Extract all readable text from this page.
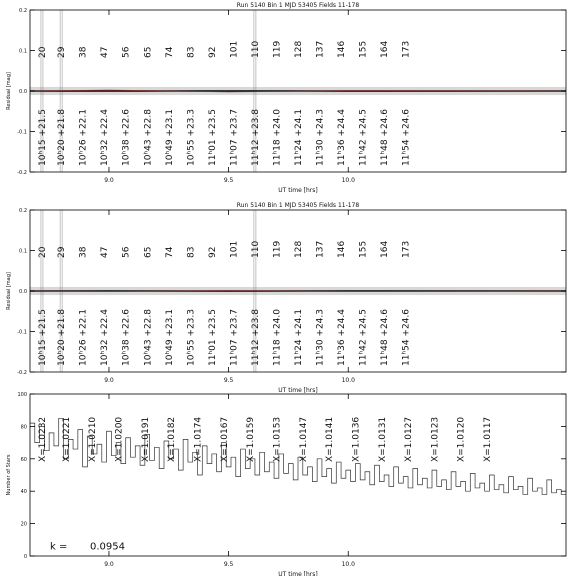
Run 5140 Bin 1 MJD 53405 Fields 11-178
20
10ʰ15 +21.5
29
10ʰ20 +21.8
38
10ʰ26 +22.1
47
10ʰ32 +22.4
56
10ʰ38 +22.6
65
10ʰ43 +22.8
74
10ʰ49 +23.1
83
10ʰ55 +23.3
92
11ʰ01 +23.5
101
11ʰ07 +23.7
110
11ʰ12 +23.8
119
11ʰ18 +24.0
128
11ʰ24 +24.1
137
11ʰ30 +24.3
146
11ʰ36 +24.4
155
11ʰ42 +24.5
164
11ʰ48 +24.6
173
11ʰ54 +24.6
9.0	9.5	10.0
-0.2
-0.1
0.0
0.1
0.2
UT time [hrs]
Residual [mag]
Run 5140 Bin 1 MJD 53405 Fields 11-178
20
10ʰ15 +21.5
29
10ʰ20 +21.8
38
10ʰ26 +22.1
47
10ʰ32 +22.4
56
10ʰ38 +22.6
65
10ʰ43 +22.8
74
10ʰ49 +23.1
83
10ʰ55 +23.3
92
11ʰ01 +23.5
101
11ʰ07 +23.7
110
11ʰ12 +23.8
119
11ʰ18 +24.0
128
11ʰ24 +24.1
137
11ʰ30 +24.3
146
11ʰ36 +24.4
155
11ʰ42 +24.5
164
11ʰ48 +24.6
173
11ʰ54 +24.6
9.0	9.5	10.0
-0.2
-0.1
0.0
0.1
0.2
UT time [hrs]
Residual [mag]
X=1.0232 X=1.0221 X=1.0210 X=1.0200 X=1.0191 X=1.0182 X=1.0174 X=1.0167 X=1.0159 X=1.0153 X=1.0147 X=1.0141 X=1.0136 X=1.0131 X=1.0127 X=1.0123 X=1.0120 X=1.0117
k = 0.0954
9.0	9.5	10.0
0
20
40
60
80
100
UT time [hrs]
Number of Stars
